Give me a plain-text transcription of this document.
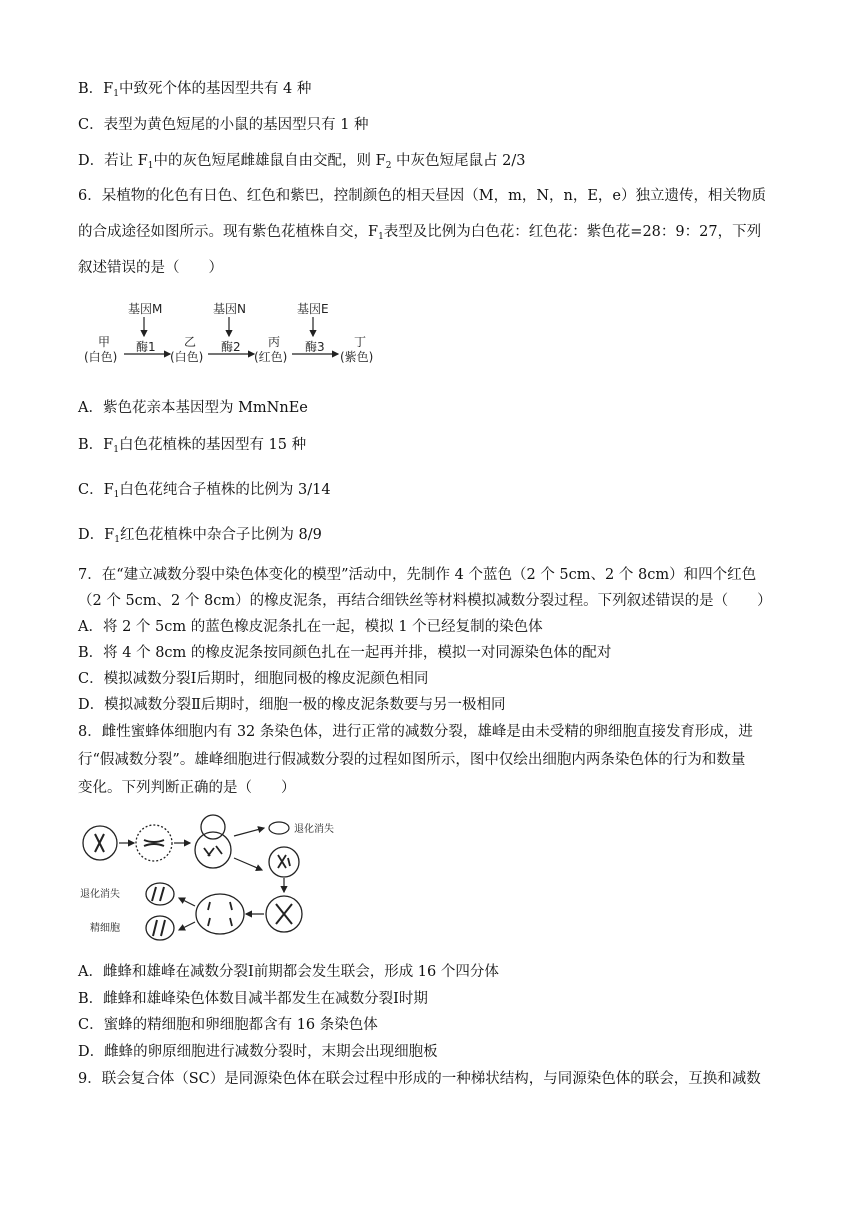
B．$F_1$中致死个体的基因型共有 4 种
C．表型为黄色短尾的小鼠的基因型只有 1 种
D．若让 $F_1$中的灰色短尾雌雄鼠自由交配，则 $F_2$ 中灰色短尾鼠占 2/3
6．呆植物的化色有日色、红色和紫巴，控制颜色的相天昼因（M，m，N，n，E，e）独立遗传，相关物质
的合成途径如图所示。现有紫色花植株自交，$F_1$表型及比例为白色花：红色花：紫色花=28：9：27，下列
叙述错误的是（　　）
基因M	基因N	基因E
甲
(白色)
乙
(白色)
丙
(红色)
丁
(紫色)
酶1	酶2	酶3
A．紫色花亲本基因型为 MmNnEe
B．$F_1$白色花植株的基因型有 15 种
C．$F_1$白色花纯合子植株的比例为 3/14
D．$F_1$红色花植株中杂合子比例为 8/9
7．在“建立减数分裂中染色体变化的模型”活动中，先制作 4 个蓝色（2 个 5cm、2 个 8cm）和四个红色
（2 个 5cm、2 个 8cm）的橡皮泥条，再结合细铁丝等材料模拟减数分裂过程。下列叙述错误的是（　　）
A．将 2 个 5cm 的蓝色橡皮泥条扎在一起，模拟 1 个已经复制的染色体
B．将 4 个 8cm 的橡皮泥条按同颜色扎在一起再并排，模拟一对同源染色体的配对
C．模拟减数分裂Ⅰ后期时，细胞同极的橡皮泥颜色相同
D．模拟减数分裂Ⅱ后期时，细胞一极的橡皮泥条数要与另一极相同
8．雌性蜜蜂体细胞内有 32 条染色体，进行正常的减数分裂，雄峰是由未受精的卵细胞直接发育形成，进
行“假减数分裂”。雄峰细胞进行假减数分裂的过程如图所示，图中仅绘出细胞内两条染色体的行为和数量
变化。下列判断正确的是（　　）
退化消失
退化消失
精细胞
A．雌蜂和雄峰在减数分裂Ⅰ前期都会发生联会，形成 16 个四分体
B．雌蜂和雄峰染色体数目减半都发生在减数分裂Ⅰ时期
C．蜜蜂的精细胞和卵细胞都含有 16 条染色体
D．雌蜂的卵原细胞进行减数分裂时，末期会出现细胞板
9．联会复合体（SC）是同源染色体在联会过程中形成的一种梯状结构，与同源染色体的联会，互换和减数
